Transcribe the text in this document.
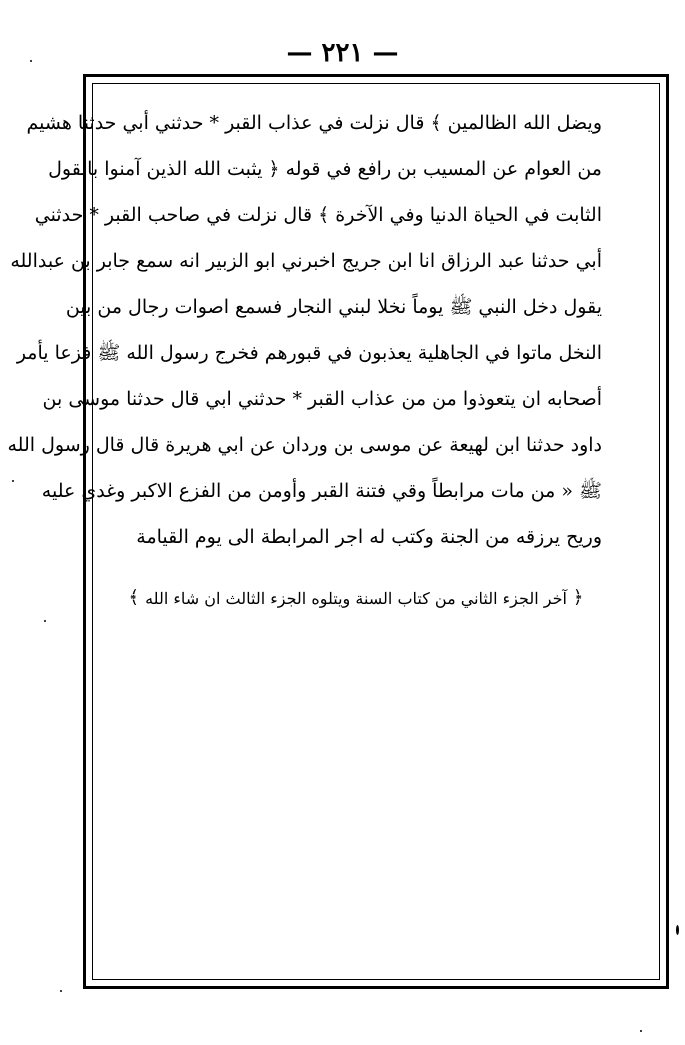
— ٢٢١ —
ويضل الله الظالمين ﴾ قال نزلت في عذاب القبر * حدثني أبي حدثنا هشيم
من العوام عن المسيب بن رافع في قوله ﴿ يثبت الله الذين آمنوا بالقول
الثابت في الحياة الدنيا وفي الآخرة ﴾ قال نزلت في صاحب القبر * حدثني
أبي حدثنا عبد الرزاق انا ابن جريج اخبرني ابو الزبير انه سمع جابر بن عبدالله
يقول دخل النبي ﷺ يوماً نخلا لبني النجار فسمع اصوات رجال من بين
النخل ماتوا في الجاهلية يعذبون في قبورهم فخرج رسول الله ﷺ فزعا يأمر
أصحابه ان يتعوذوا من من عذاب القبر * حدثني ابي قال حدثنا موسى بن
داود حدثنا ابن لهيعة عن موسى بن وردان عن ابي هريرة قال قال رسول الله
ﷺ « من مات مرابطاً وقي فتنة القبر وأومن من الفزع الاكبر وغدي عليه
وريح يرزقه من الجنة وكتب له اجر المرابطة الى يوم القيامة
﴿
آخر الجزء الثاني من كتاب السنة ويتلوه الجزء الثالث ان شاء الله
﴾
